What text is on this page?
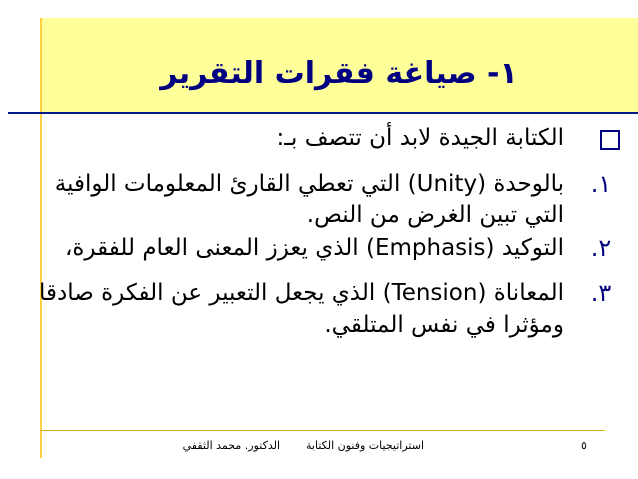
١- صياغة فقرات التقرير
الكتابة الجيدة لابد أن تتصف بـ:
.١
بالوحدة (Unity) التي تعطي القارئ المعلومات الوافية
التي تبين الغرض من النص.
.٢
التوكيد (Emphasis) الذي يعزز المعنى العام للفقرة،
.٣
المعاناة (Tension) الذي يجعل التعبير عن الفكرة صادقا
ومؤثرا في نفس المتلقي.
استراتيجيات وفنون الكتابة
الدكتور. محمد الثقفي	٥
